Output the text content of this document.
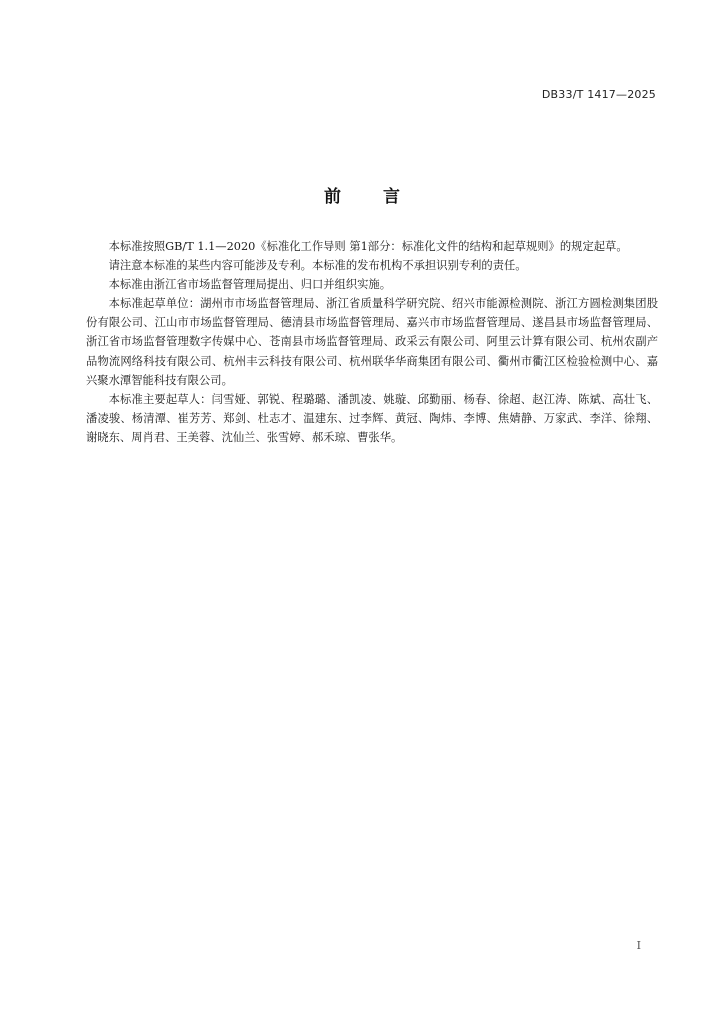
DB33/T 1417—2025
前 言

本标准按照GB/T 1.1—2020《标准化工作导则 第1部分：标准化文件的结构和起草规则》的规定起草。

请注意本标准的某些内容可能涉及专利。本标准的发布机构不承担识别专利的责任。

本标准由浙江省市场监督管理局提出、归口并组织实施。

本标准起草单位：湖州市市场监督管理局、浙江省质量科学研究院、绍兴市能源检测院、浙江方圆检测集团股份有限公司、江山市市场监督管理局、德清县市场监督管理局、嘉兴市市场监督管理局、遂昌县市场监督管理局、浙江省市场监督管理数字传媒中心、苍南县市场监督管理局、政采云有限公司、阿里云计算有限公司、杭州农副产品物流网络科技有限公司、杭州丰云科技有限公司、杭州联华华商集团有限公司、衢州市衢江区检验检测中心、嘉兴聚水潭智能科技有限公司。

本标准主要起草人：闫雪娅、郭锐、程璐璐、潘凯凌、姚璇、邱勤丽、杨春、徐超、赵江涛、陈斌、高壮飞、潘凌骏、杨清潭、崔芳芳、郑剑、杜志才、温建东、过李辉、黄冠、陶炜、李博、焦婧静、万家武、李洋、徐翔、谢晓东、周肖君、王美蓉、沈仙兰、张雪婷、郝禾琼、曹张华。

I
